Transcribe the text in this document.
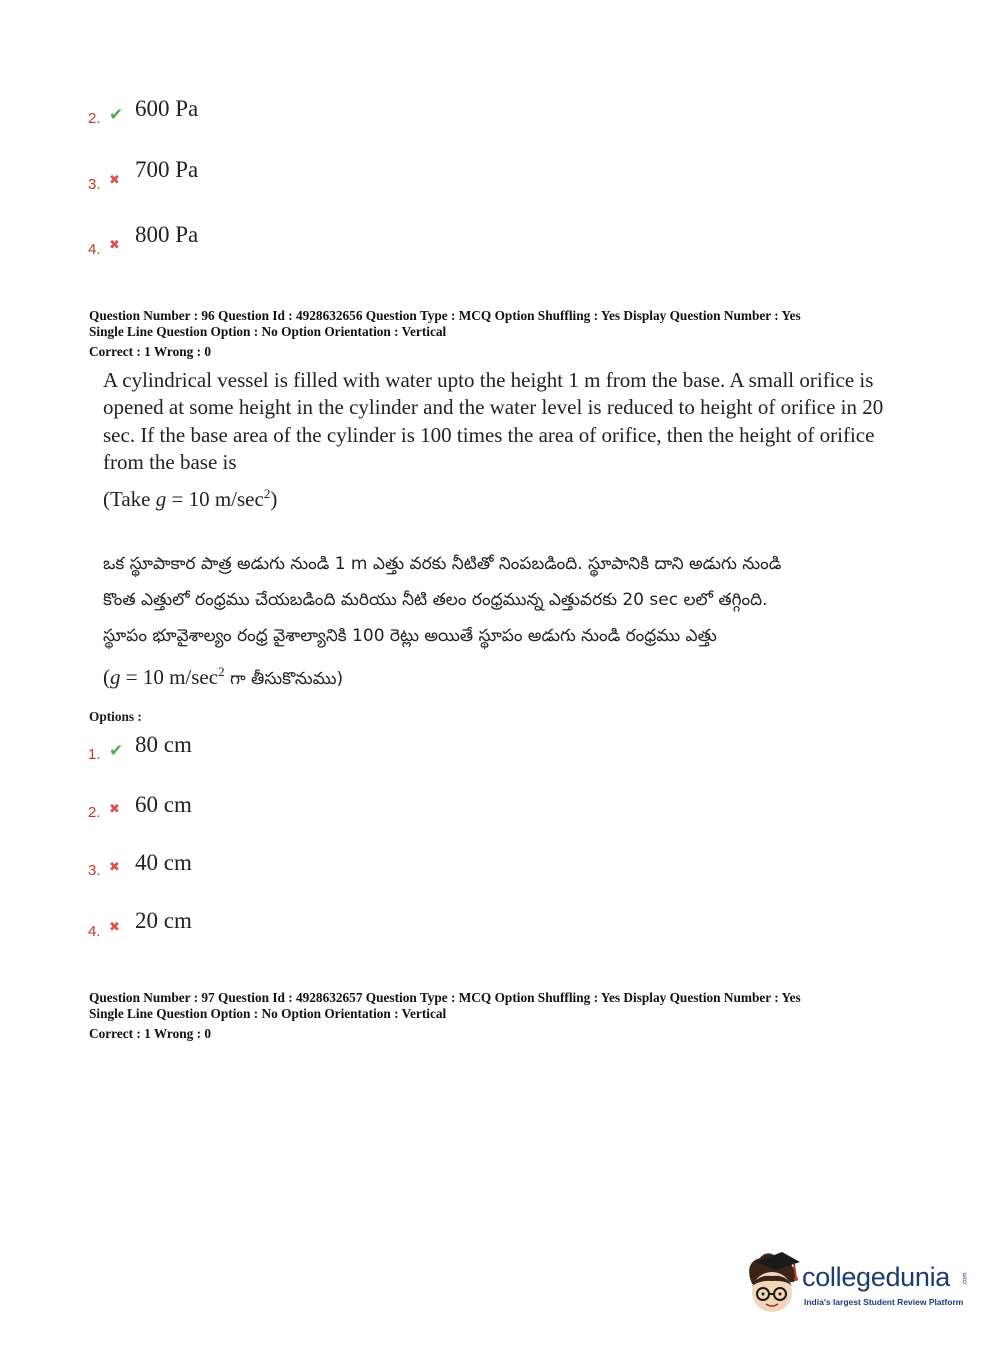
2. ✔ 600 Pa
3. ✖ 700 Pa
4. ✖ 800 Pa
Question Number : 96 Question Id : 4928632656 Question Type : MCQ Option Shuffling : Yes Display Question Number : Yes
Single Line Question Option : No Option Orientation : Vertical
Correct : 1 Wrong : 0
A cylindrical vessel is filled with water upto the height 1 m from the base. A small orifice is opened at some height in the cylinder and the water level is reduced to height of orifice in 20 sec. If the base area of the cylinder is 100 times the area of orifice, then the height of orifice from the base is
(Take g = 10 $m/\sec^2$)
ఒక స్థూపాకార పాత్ర అడుగు నుండి 1 m ఎత్తు వరకు నీటితో నింపబడింది. స్థూపానికి దాని అడుగు నుండి
కొంత ఎత్తులో రంధ్రము చేయబడింది మరియు నీటి తలం రంధ్రమున్న ఎత్తువరకు 20 sec లలో తగ్గింది.
స్థూపం భూవైశాల్యం రంధ్ర వైశాల్యానికి 100 రెట్లు అయితే స్థూపం అడుగు నుండి రంధ్రము ఎత్తు
(g = 10 $m/\sec^2$ గా తీసుకొనుము)
Options :
1. ✔ 80 cm
2. ✖ 60 cm
3. ✖ 40 cm
4. ✖ 20 cm
Question Number : 97 Question Id : 4928632657 Question Type : MCQ Option Shuffling : Yes Display Question Number : Yes
Single Line Question Option : No Option Orientation : Vertical
Correct : 1 Wrong : 0
collegedunia .com
India's largest Student Review Platform
